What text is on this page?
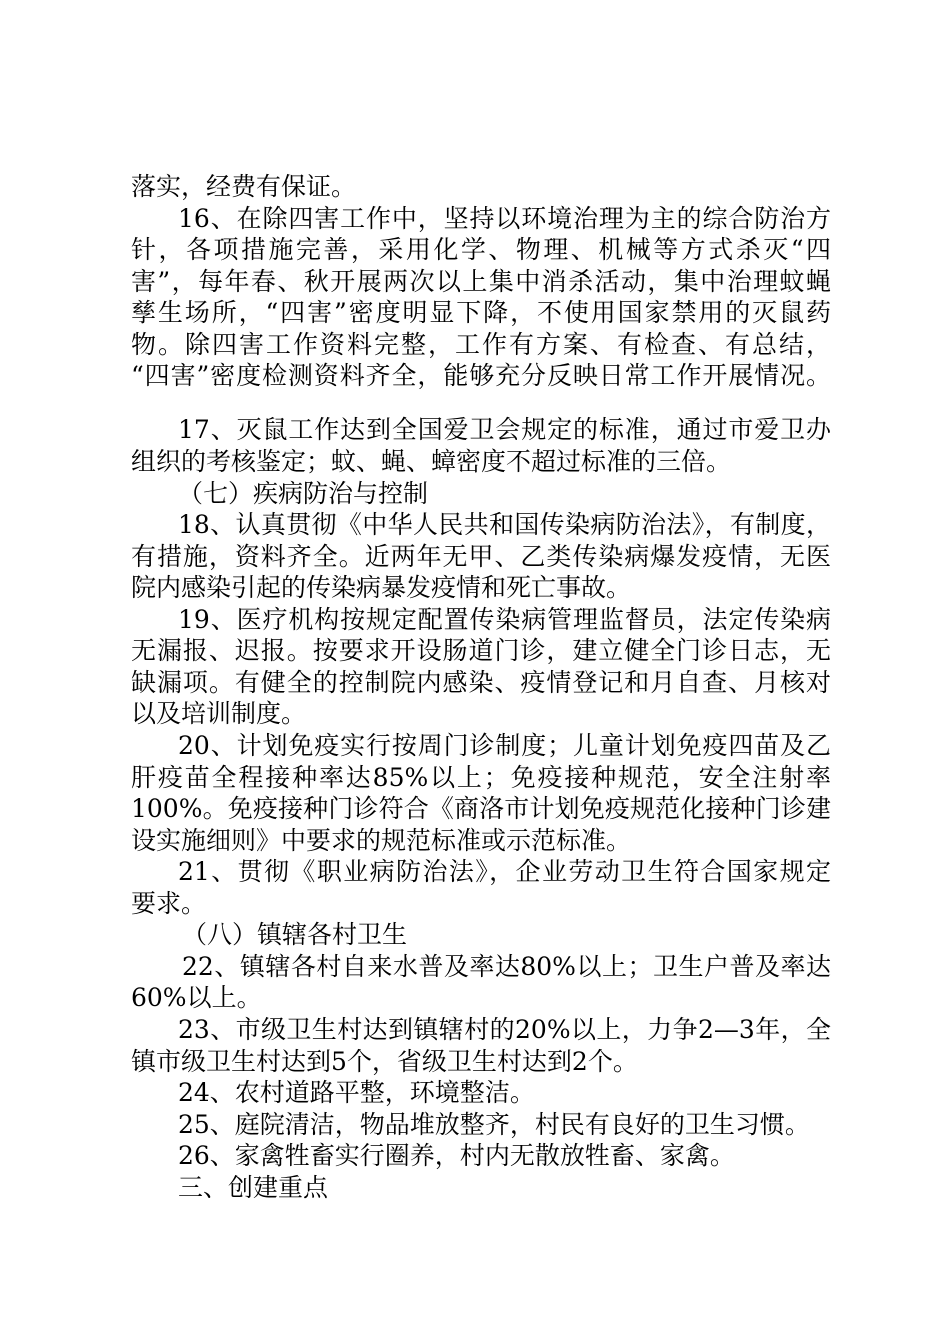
落实，经费有保证。
16、在除四害工作中，坚持以环境治理为主的综合防治方
针，各项措施完善，采用化学、物理、机械等方式杀灭“四
害”，每年春、秋开展两次以上集中消杀活动，集中治理蚊蝇
孳生场所，“四害”密度明显下降，不使用国家禁用的灭鼠药
物。除四害工作资料完整，工作有方案、有检查、有总结，
“四害”密度检测资料齐全，能够充分反映日常工作开展情况。
17、灭鼠工作达到全国爱卫会规定的标准，通过市爱卫办
组织的考核鉴定；蚊、蝇、蟑密度不超过标准的三倍。
（七）疾病防治与控制
18、认真贯彻《中华人民共和国传染病防治法》，有制度，
有措施，资料齐全。近两年无甲、乙类传染病爆发疫情，无医
院内感染引起的传染病暴发疫情和死亡事故。
19、医疗机构按规定配置传染病管理监督员，法定传染病
无漏报、迟报。按要求开设肠道门诊，建立健全门诊日志，无
缺漏项。有健全的控制院内感染、疫情登记和月自查、月核对
以及培训制度。
20、计划免疫实行按周门诊制度；儿童计划免疫四苗及乙
肝疫苗全程接种率达85%以上；免疫接种规范，安全注射率
100%。免疫接种门诊符合《商洛市计划免疫规范化接种门诊建
设实施细则》中要求的规范标准或示范标准。
21、贯彻《职业病防治法》，企业劳动卫生符合国家规定
要求。
（八）镇辖各村卫生
22、镇辖各村自来水普及率达80%以上；卫生户普及率达
60%以上。
23、市级卫生村达到镇辖村的20%以上，力争2—3年，全
镇市级卫生村达到5个，省级卫生村达到2个。
24、农村道路平整，环境整洁。
25、庭院清洁，物品堆放整齐，村民有良好的卫生习惯。
26、家禽牲畜实行圈养，村内无散放牲畜、家禽。
三、创建重点
